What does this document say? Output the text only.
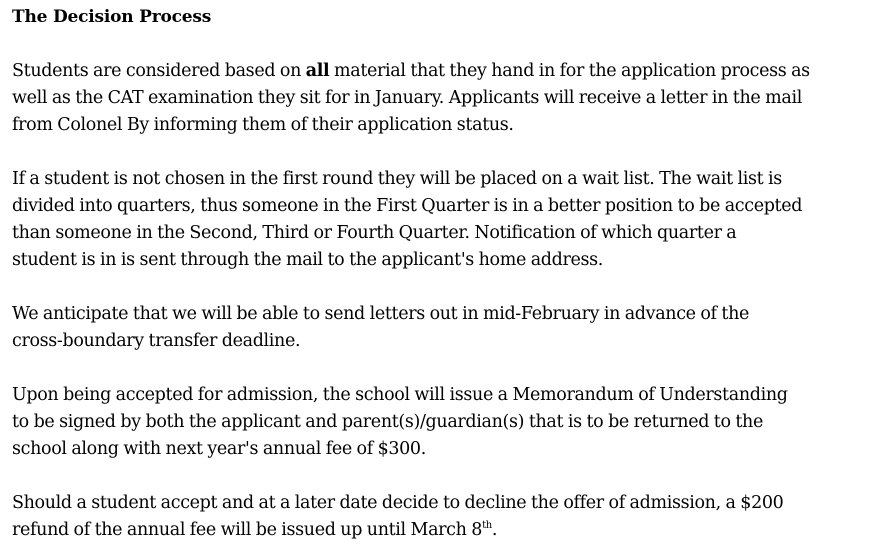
The Decision Process

Students are considered based on all material that they hand in for the application process as
well as the CAT examination they sit for in January. Applicants will receive a letter in the mail
from Colonel By informing them of their application status.

If a student is not chosen in the first round they will be placed on a wait list. The wait list is
divided into quarters, thus someone in the First Quarter is in a better position to be accepted
than someone in the Second, Third or Fourth Quarter. Notification of which quarter a
student is in is sent through the mail to the applicant's home address.

We anticipate that we will be able to send letters out in mid-February in advance of the
cross-boundary transfer deadline.

Upon being accepted for admission, the school will issue a Memorandum of Understanding
to be signed by both the applicant and parent(s)/guardian(s) that is to be returned to the
school along with next year's annual fee of $300.

Should a student accept and at a later date decide to decline the offer of admission, a $200
refund of the annual fee will be issued up until March 8th.
